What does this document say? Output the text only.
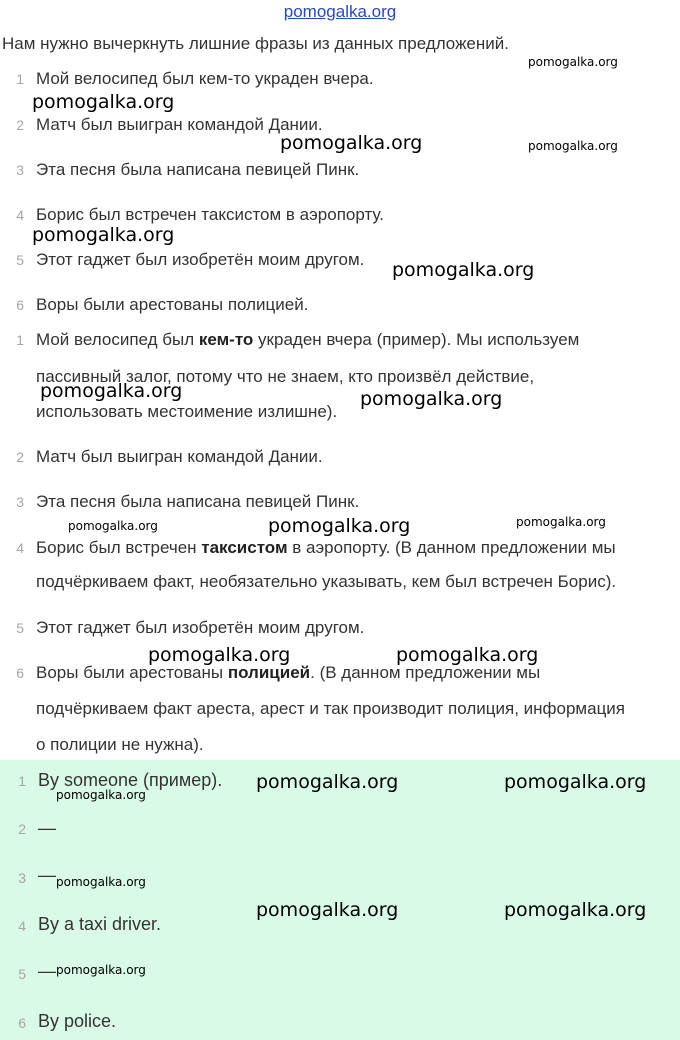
pomogalka.org
Нам нужно вычеркнуть лишние фразы из данных предложений.
1 Мой велосипед был кем-то украден вчера.
2 Матч был выигран командой Дании.
3 Эта песня была написана певицей Пинк.
4 Борис был встречен таксистом в аэропорту.
5 Этот гаджет был изобретён моим другом.
6 Воры были арестованы полицией.
1 Мой велосипед был кем-то украден вчера (пример). Мы используем
пассивный залог, потому что не знаем, кто произвёл действие,
использовать местоимение излишне).
2 Матч был выигран командой Дании.
3 Эта песня была написана певицей Пинк.
4 Борис был встречен таксистом в аэропорту. (В данном предложении мы
подчёркиваем факт, необязательно указывать, кем был встречен Борис).
5 Этот гаджет был изобретён моим другом.
6 Воры были арестованы полицией. (В данном предложении мы
подчёркиваем факт ареста, арест и так производит полиция, информация
о полиции не нужна).
1 By someone (пример).
2 —
3 —
4 By a taxi driver.
5 —
6 By police.
pomogalka.org
pomogalka.org
pomogalka.org	pomogalka.org
pomogalka.org
pomogalka.org
pomogalka.org	pomogalka.org
pomogalka.org	pomogalka.org	pomogalka.org
pomogalka.org	pomogalka.org
pomogalka.org	pomogalka.org
pomogalka.org
pomogalka.org
pomogalka.org	pomogalka.org
pomogalka.org
